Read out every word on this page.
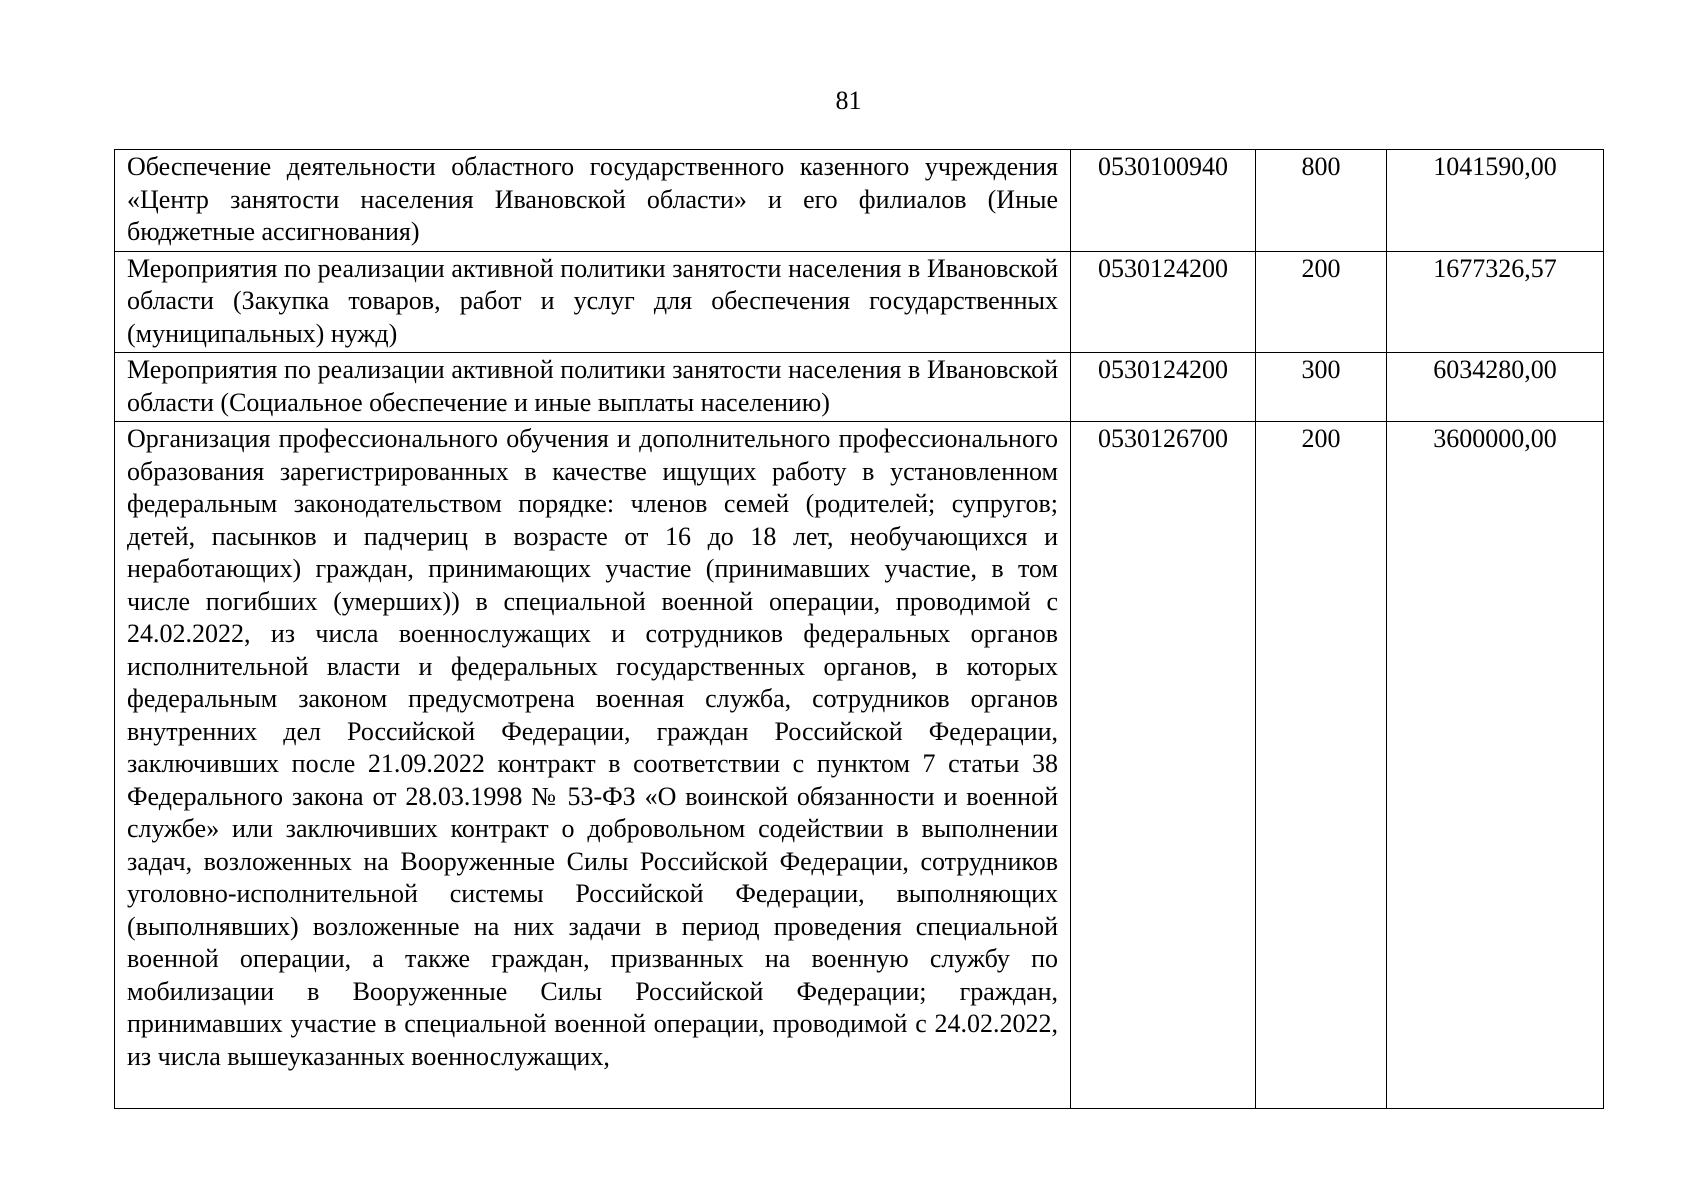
81
Обеспечение деятельности областного государственного казенного учреждения «Центр занятости населения Ивановской области» и его филиалов (Иные бюджетные ассигнования)	0530100940	800	1041590,00
Мероприятия по реализации активной политики занятости населения в Ивановской области (Закупка товаров, работ и услуг для обеспечения государственных (муниципальных) нужд)	0530124200	200	1677326,57
Мероприятия по реализации активной политики занятости населения в Ивановской области (Социальное обеспечение и иные выплаты населению)	0530124200	300	6034280,00
Организация профессионального обучения и дополнительного профессионального образования зарегистрированных в качестве ищущих работу в установленном федеральным законодательством порядке: членов семей (родителей; супругов; детей, пасынков и падчериц в возрасте от 16 до 18 лет, необучающихся и неработающих) граждан, принимающих участие (принимавших участие, в том числе погибших (умерших)) в специальной военной операции, проводимой с 24.02.2022, из числа военнослужащих и сотрудников федеральных органов исполнительной власти и федеральных государственных органов, в которых федеральным законом предусмотрена военная служба, сотрудников органов внутренних дел Российской Федерации, граждан Российской Федерации, заключивших после 21.09.2022 контракт в соответствии с пунктом 7 статьи 38 Федерального закона от 28.03.1998 № 53-ФЗ «О воинской обязанности и военной службе» или заключивших контракт о добровольном содействии в выполнении задач, возложенных на Вооруженные Силы Российской Федерации, сотрудников уголовно-исполнительной системы Российской Федерации, выполняющих (выполнявших) возложенные на них задачи в период проведения специальной военной операции, а также граждан, призванных на военную службу по мобилизации в Вооруженные Силы Российской Федерации; граждан, принимавших участие в специальной военной операции, проводимой с 24.02.2022, из числа вышеуказанных военнослужащих,	0530126700	200	3600000,00
